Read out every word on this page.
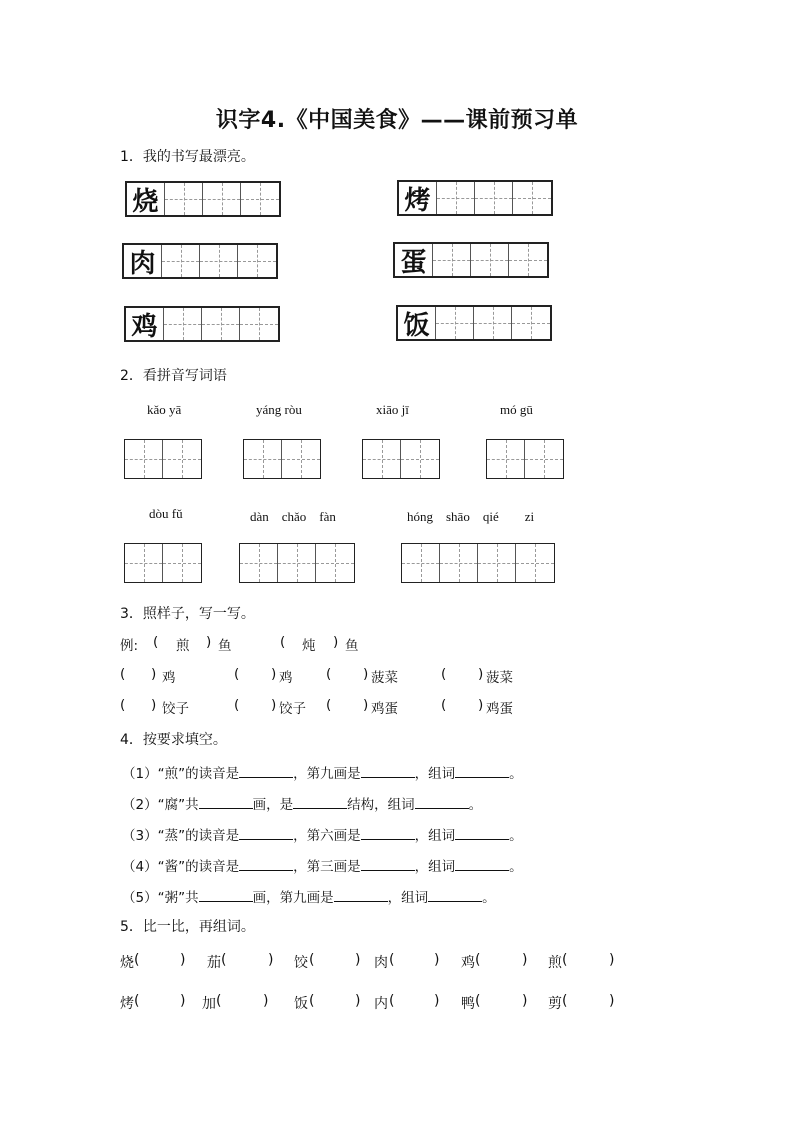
识字4.《中国美食》——课前预习单
1．我的书写最漂亮。
烧	烤
肉	蛋
鸡	饭
2．看拼音写词语
kǎo yā	yáng ròu	xiāo jī	mó gū
dòu fǔ	dàn　chǎo　fàn	hóng　shāo　qié　　zi
3．照样子，写一写。
例: ( 煎 ) 鱼	( 炖 ) 鱼
( ) 鸡	( ) 鸡 ( ) 菠菜	( ) 菠菜
( ) 饺子	( ) 饺子 ( ) 鸡蛋	( ) 鸡蛋
4．按要求填空。
（1）“煎”的读音是	，第九画是	，组词	。
（2）“腐”共	画，是	结构，组词	。
（3）“蒸”的读音是	，第六画是	，组词	。
（4）“酱”的读音是	，第三画是	，组词	。
（5）“粥”共	画，第九画是	，组词	。
5．比一比，再组词。
烧 (	) 茄 (	) 饺 (	) 肉 (	) 鸡 (	) 煎 (	)
烤 (	) 加 (	) 饭 (	) 内 (	) 鸭 (	) 剪 (	)
